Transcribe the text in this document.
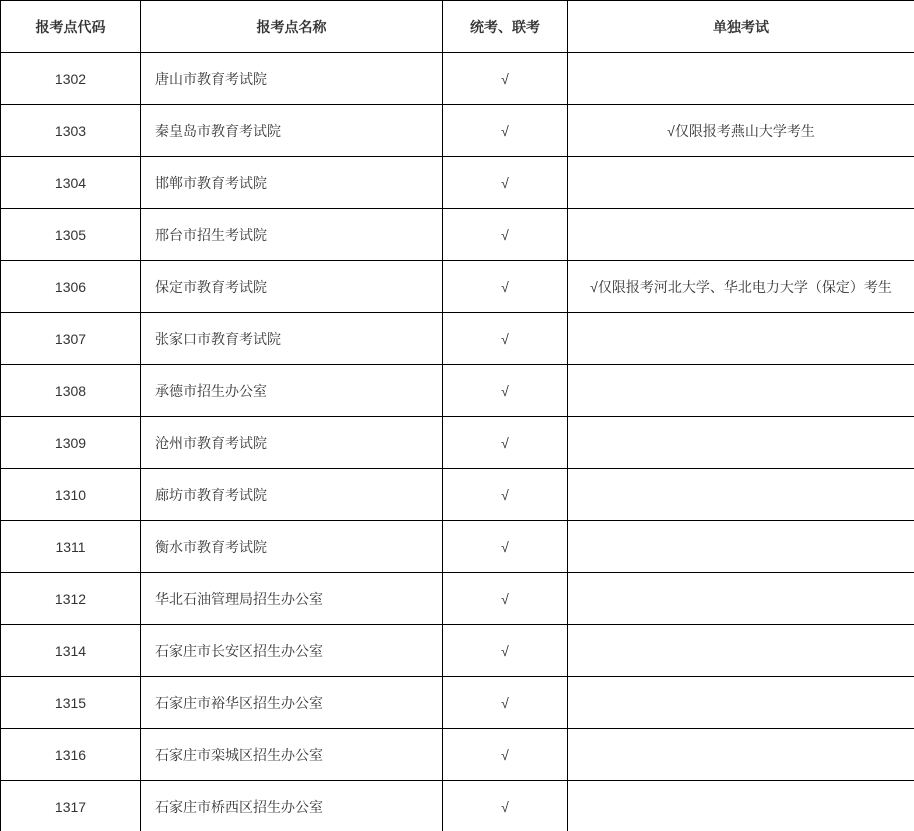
报考点代码	报考点名称	统考、联考	单独考试
1302	唐山市教育考试院	√	
1303	秦皇岛市教育考试院	√	√仅限报考燕山大学考生
1304	邯郸市教育考试院	√	
1305	邢台市招生考试院	√	
1306	保定市教育考试院	√	√仅限报考河北大学、华北电力大学（保定）考生
1307	张家口市教育考试院	√	
1308	承德市招生办公室	√	
1309	沧州市教育考试院	√	
1310	廊坊市教育考试院	√	
1311	衡水市教育考试院	√	
1312	华北石油管理局招生办公室	√	
1314	石家庄市长安区招生办公室	√	
1315	石家庄市裕华区招生办公室	√	
1316	石家庄市栾城区招生办公室	√	
1317	石家庄市桥西区招生办公室	√	
